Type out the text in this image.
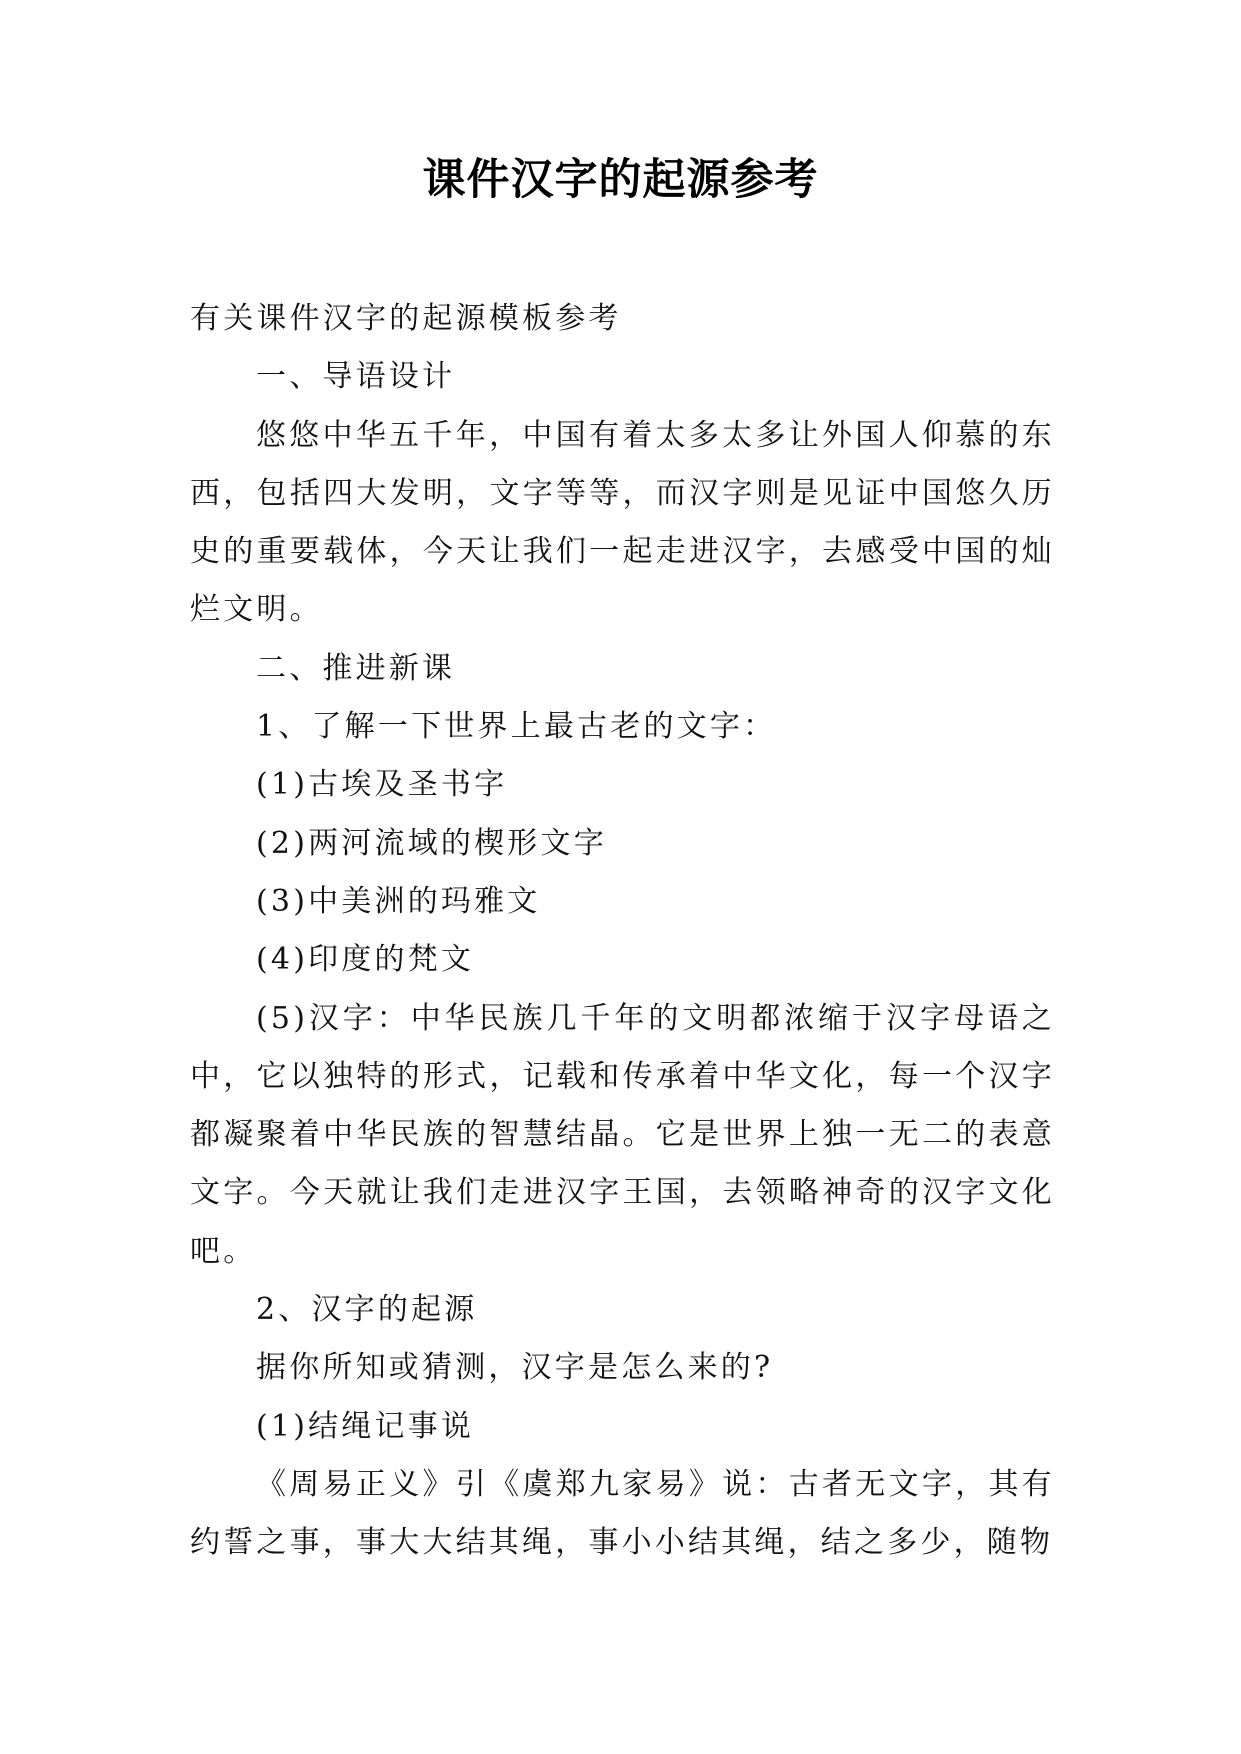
课件汉字的起源参考

有关课件汉字的起源模板参考

一、导语设计

悠悠中华五千年，中国有着太多太多让外国人仰慕的东西，包括四大发明，文字等等，而汉字则是见证中国悠久历史的重要载体，今天让我们一起走进汉字，去感受中国的灿烂文明。

二、推进新课

1、了解一下世界上最古老的文字：

(1)古埃及圣书字

(2)两河流域的楔形文字

(3)中美洲的玛雅文

(4)印度的梵文

(5)汉字：中华民族几千年的文明都浓缩于汉字母语之中，它以独特的形式，记载和传承着中华文化，每一个汉字都凝聚着中华民族的智慧结晶。它是世界上独一无二的表意文字。今天就让我们走进汉字王国，去领略神奇的汉字文化吧。

2、汉字的起源

据你所知或猜测，汉字是怎么来的?

(1)结绳记事说

《周易正义》引《虞郑九家易》说：古者无文字，其有约誓之事，事大大结其绳，事小小结其绳，结之多少，随物
